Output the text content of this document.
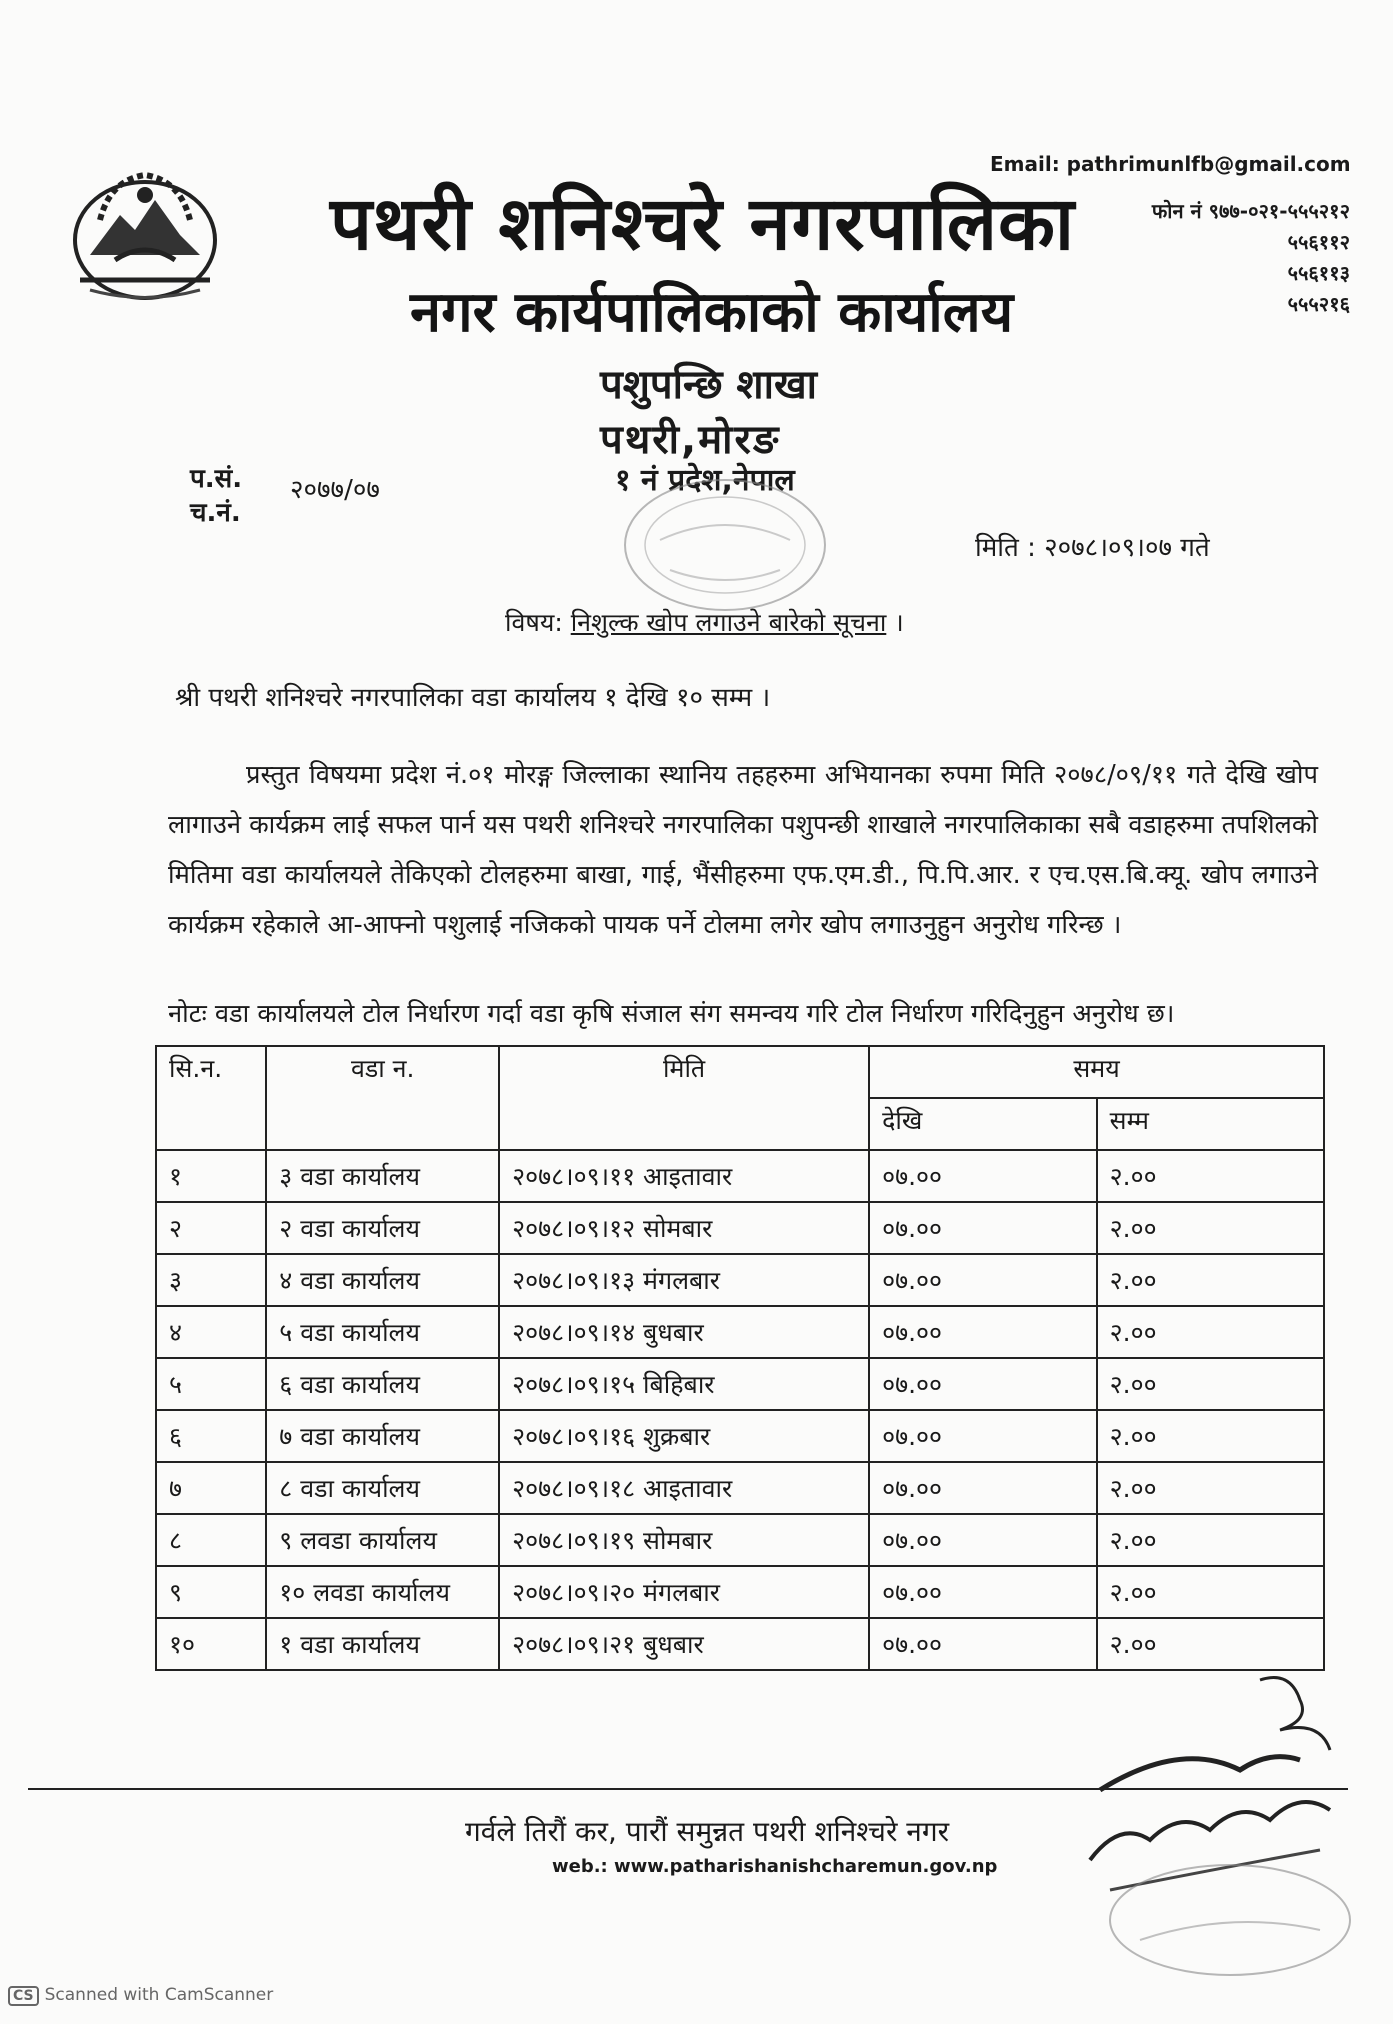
पथरी शनिश्चरे नगरपालिका
नगर कार्यपालिकाको कार्यालय
Email: pathrimunlfb@gmail.com
फोन नं ९७७-०२१-५५५२१२
५५६११२
५५६११३
५५५२१६
पशुपन्छि शाखा
पथरी,मोरङ
१ नं प्रदेश,नेपाल
प.सं.
च.नं.
२०७७/०७
मिति : २०७८।०९।०७ गते
विषय: निशुल्क खोप लगाउने बारेको सूचना ।
श्री पथरी शनिश्चरे नगरपालिका वडा कार्यालय १ देखि १० सम्म ।
प्रस्तुत विषयमा प्रदेश नं.०१ मोरङ्ग जिल्लाका स्थानिय तहहरुमा अभियानका रुपमा मिति २०७८/०९/११ गते देखि खोप लागाउने कार्यक्रम लाई सफल पार्न यस पथरी शनिश्चरे नगरपालिका पशुपन्छी शाखाले नगरपालिकाका सबै वडाहरुमा तपशिलको मितिमा वडा कार्यालयले तेकिएको टोलहरुमा बाखा, गाई, भैंसीहरुमा एफ.एम.डी., पि.पि.आर. र एच.एस.बि.क्यू. खोप लगाउने कार्यक्रम रहेकाले आ-आफ्नो पशुलाई नजिकको पायक पर्ने टोलमा लगेर खोप लगाउनुहुन अनुरोध गरिन्छ ।
नोटः वडा कार्यालयले टोल निर्धारण गर्दा वडा कृषि संजाल संग समन्वय गरि टोल निर्धारण गरिदिनुहुन अनुरोध छ।
सि.न.	वडा न.	मिति	समय	
			देखि	सम्म
१	३ वडा कार्यालय	२०७८।०९।११ आइतावार	०७.००	२.००
२	२ वडा कार्यालय	२०७८।०९।१२ सोमबार	०७.००	२.००
३	४ वडा कार्यालय	२०७८।०९।१३ मंगलबार	०७.००	२.००
४	५ वडा कार्यालय	२०७८।०९।१४ बुधबार	०७.००	२.००
५	६ वडा कार्यालय	२०७८।०९।१५ बिहिबार	०७.००	२.००
६	७ वडा कार्यालय	२०७८।०९।१६ शुक्रबार	०७.००	२.००
७	८ वडा कार्यालय	२०७८।०९।१८ आइतावार	०७.००	२.००
८	९ लवडा कार्यालय	२०७८।०९।१९ सोमबार	०७.००	२.००
९	१० लवडा कार्यालय	२०७८।०९।२० मंगलबार	०७.००	२.००
१०	१ वडा कार्यालय	२०७८।०९।२१ बुधबार	०७.००	२.००
गर्वले तिरौं कर, पारौं समुन्नत पथरी शनिश्चरे नगर
web.: www.patharishanishcharemun.gov.np
CS Scanned with CamScanner
